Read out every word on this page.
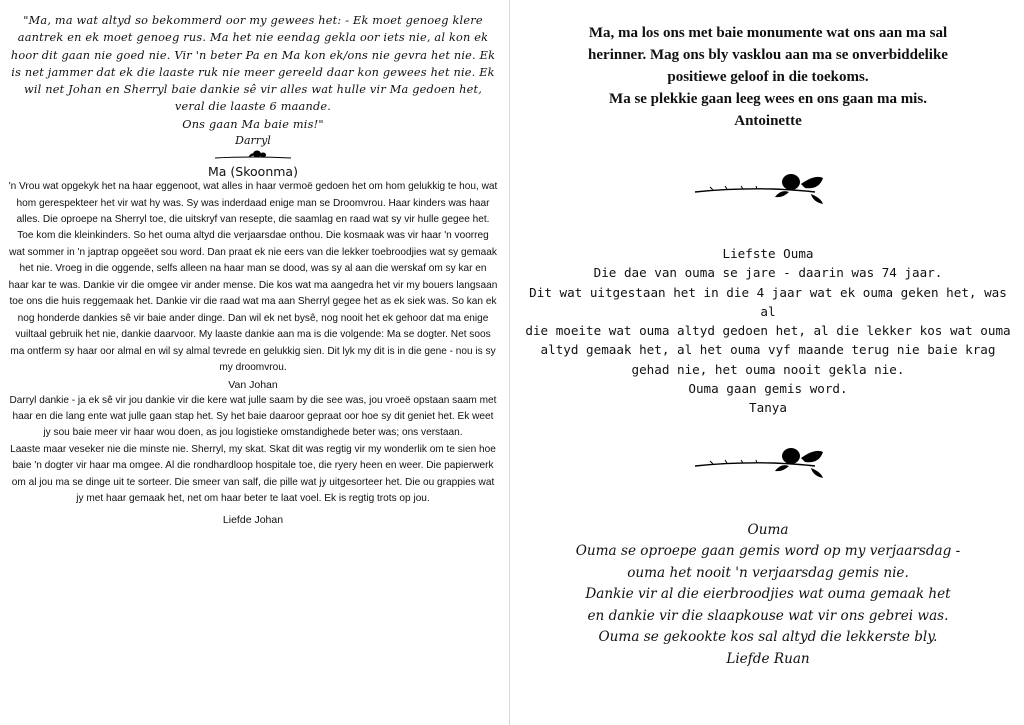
"Ma, ma wat altyd so bekommerd oor my gewees het: - Ek moet genoeg klere aantrek en ek moet genoeg rus. Ma het nie eendag gekla oor iets nie, al kon ek hoor dit gaan nie goed nie. Vir 'n beter Pa en Ma kon ek/ons nie gevra het nie. Ek is net jammer dat ek die laaste ruk nie meer gereeld daar kon gewees het nie. Ek wil net Johan en Sherryl baie dankie sê vir alles wat hulle vir Ma gedoen het, veral die laaste 6 maande.

Ons gaan Ma baie mis!"

Darryl

Ma (Skoonma)

'n Vrou wat opgekyk het na haar eggenoot, wat alles in haar vermoë gedoen het om hom gelukkig te hou, wat hom gerespekteer het vir wat hy was. Sy was inderdaad enige man se Droomvrou. Haar kinders was haar alles. Die oproepe na Sherryl toe, die uitskryf van resepte, die saamlag en raad wat sy vir hulle gegee het. Toe kom die kleinkinders. So het ouma altyd die verjaarsdae onthou. Die kosmaak was vir haar 'n voorreg wat sommer in 'n japtrap opgeëet sou word. Dan praat ek nie eers van die lekker toebroodjies wat sy gemaak het nie. Vroeg in die oggende, selfs alleen na haar man se dood, was sy al aan die werskaf om sy kar en haar kar te was. Dankie vir die omgee vir ander mense. Die kos wat ma aangedra het vir my bouers langsaan toe ons die huis reggemaak het. Dankie vir die raad wat ma aan Sherryl gegee het as ek siek was. So kan ek nog honderde dankies sê vir baie ander dinge. Dan wil ek net bysê, nog nooit het ek gehoor dat ma enige vuiltaal gebruik het nie, dankie daarvoor. My laaste dankie aan ma is die volgende: Ma se dogter. Net soos ma ontferm sy haar oor almal en wil sy almal tevrede en gelukkig sien. Dit lyk my dit is in die gene - nou is sy my droomvrou.

Van Johan

Darryl dankie - ja ek sê vir jou dankie vir die kere wat julle saam by die see was, jou vroeë opstaan saam met haar en die lang ente wat julle gaan stap het. Sy het baie daaroor gepraat oor hoe sy dit geniet het. Ek weet jy sou baie meer vir haar wou doen, as jou logistieke omstandighede beter was; ons verstaan.

Laaste maar veseker nie die minste nie. Sherryl, my skat. Skat dit was regtig vir my wonderlik om te sien hoe baie 'n dogter vir haar ma omgee. Al die rondhardloop hospitale toe, die ryery heen en weer. Die papierwerk om al jou ma se dinge uit te sorteer. Die smeer van salf, die pille wat jy uitgesorteer het. Die ou grappies wat jy met haar gemaak het, net om haar beter te laat voel. Ek is regtig trots op jou.

Liefde Johan

Ma, ma los ons met baie monumente wat ons aan ma sal

herinner. Mag ons bly vasklou aan ma se onverbiddelike

positiewe geloof in die toekoms.

Ma se plekkie gaan leeg wees en ons gaan ma mis.

Antoinette

Liefste Ouma

Die dae van ouma se jare - daarin was 74 jaar.

Dit wat uitgestaan het in die 4 jaar wat ek ouma geken het, was al

die moeite wat ouma altyd gedoen het, al die lekker kos wat ouma

altyd gemaak het, al het ouma vyf maande terug nie baie krag

gehad nie, het ouma nooit gekla nie.

Ouma gaan gemis word.

Tanya

Ouma

Ouma se oproepe gaan gemis word op my verjaarsdag -

ouma het nooit 'n verjaarsdag gemis nie.

Dankie vir al die eierbroodjies wat ouma gemaak het

en dankie vir die slaapkouse wat vir ons gebrei was.

Ouma se gekookte kos sal altyd die lekkerste bly.

Liefde Ruan
